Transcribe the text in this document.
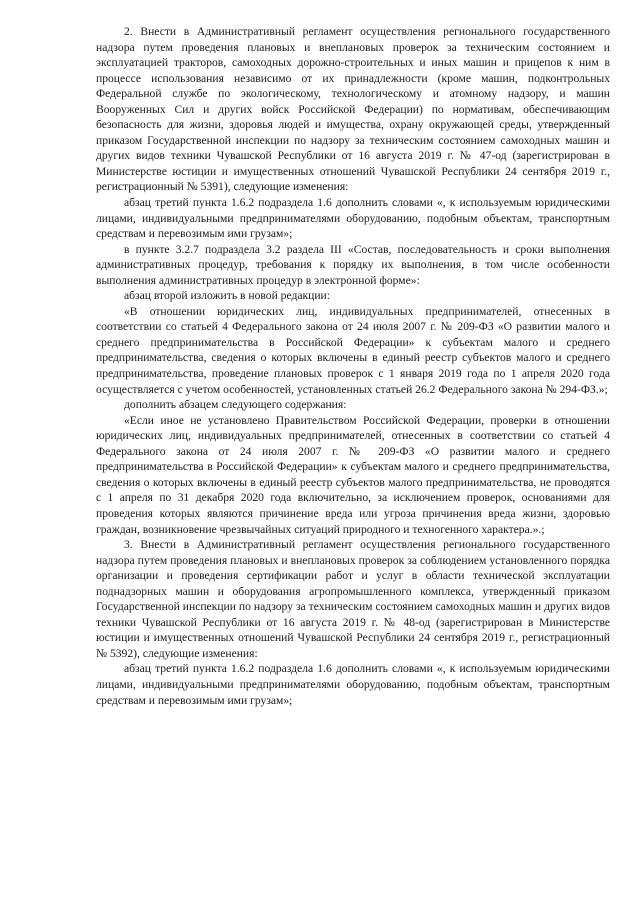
2. Внести в Административный регламент осуществления регионального государственного надзора путем проведения плановых и внеплановых проверок за техническим состоянием и эксплуатацией тракторов, самоходных дорожно-строительных и иных машин и прицепов к ним в процессе использования независимо от их принадлежности (кроме машин, подконтрольных Федеральной службе по экологическому, технологическому и атомному надзору, и машин Вооруженных Сил и других войск Российской Федерации) по нормативам, обеспечивающим безопасность для жизни, здоровья людей и имущества, охрану окружающей среды, утвержденный приказом Государственной инспекции по надзору за техническим состоянием самоходных машин и других видов техники Чувашской Республики от 16 августа 2019 г. № 47-од (зарегистрирован в Министерстве юстиции и имущественных отношений Чувашской Республики 24 сентября 2019 г., регистрационный № 5391), следующие изменения:

абзац третий пункта 1.6.2 подраздела 1.6 дополнить словами «, к используемым юридическими лицами, индивидуальными предпринимателями оборудованию, подобным объектам, транспортным средствам и перевозимым ими грузам»;

в пункте 3.2.7 подраздела 3.2 раздела III «Состав, последовательность и сроки выполнения административных процедур, требования к порядку их выполнения, в том числе особенности выполнения административных процедур в электронной форме»:

абзац второй изложить в новой редакции:

«В отношении юридических лиц, индивидуальных предпринимателей, отнесенных в соответствии со статьей 4 Федерального закона от 24 июля 2007 г. № 209-ФЗ «О развитии малого и среднего предпринимательства в Российской Федерации» к субъектам малого и среднего предпринимательства, сведения о которых включены в единый реестр субъектов малого и среднего предпринимательства, проведение плановых проверок с 1 января 2019 года по 1 апреля 2020 года осуществляется с учетом особенностей, установленных статьей 26.2 Федерального закона № 294-ФЗ.»;

дополнить абзацем следующего содержания:

«Если иное не установлено Правительством Российской Федерации, проверки в отношении юридических лиц, индивидуальных предпринимателей, отнесенных в соответствии со статьей 4 Федерального закона от 24 июля 2007 г. № 209-ФЗ «О развитии малого и среднего предпринимательства в Российской Федерации» к субъектам малого и среднего предпринимательства, сведения о которых включены в единый реестр субъектов малого предпринимательства, не проводятся с 1 апреля по 31 декабря 2020 года включительно, за исключением проверок, основаниями для проведения которых являются причинение вреда или угроза причинения вреда жизни, здоровью граждан, возникновение чрезвычайных ситуаций природного и техногенного характера.».;

3. Внести в Административный регламент осуществления регионального государственного надзора путем проведения плановых и внеплановых проверок за соблюдением установленного порядка организации и проведения сертификации работ и услуг в области технической эксплуатации поднадзорных машин и оборудования агропромышленного комплекса, утвержденный приказом Государственной инспекции по надзору за техническим состоянием самоходных машин и других видов техники Чувашской Республики от 16 августа 2019 г. № 48-од (зарегистрирован в Министерстве юстиции и имущественных отношений Чувашской Республики 24 сентября 2019 г., регистрационный № 5392), следующие изменения:

абзац третий пункта 1.6.2 подраздела 1.6 дополнить словами «, к используемым юридическими лицами, индивидуальными предпринимателями оборудованию, подобным объектам, транспортным средствам и перевозимым ими грузам»;
